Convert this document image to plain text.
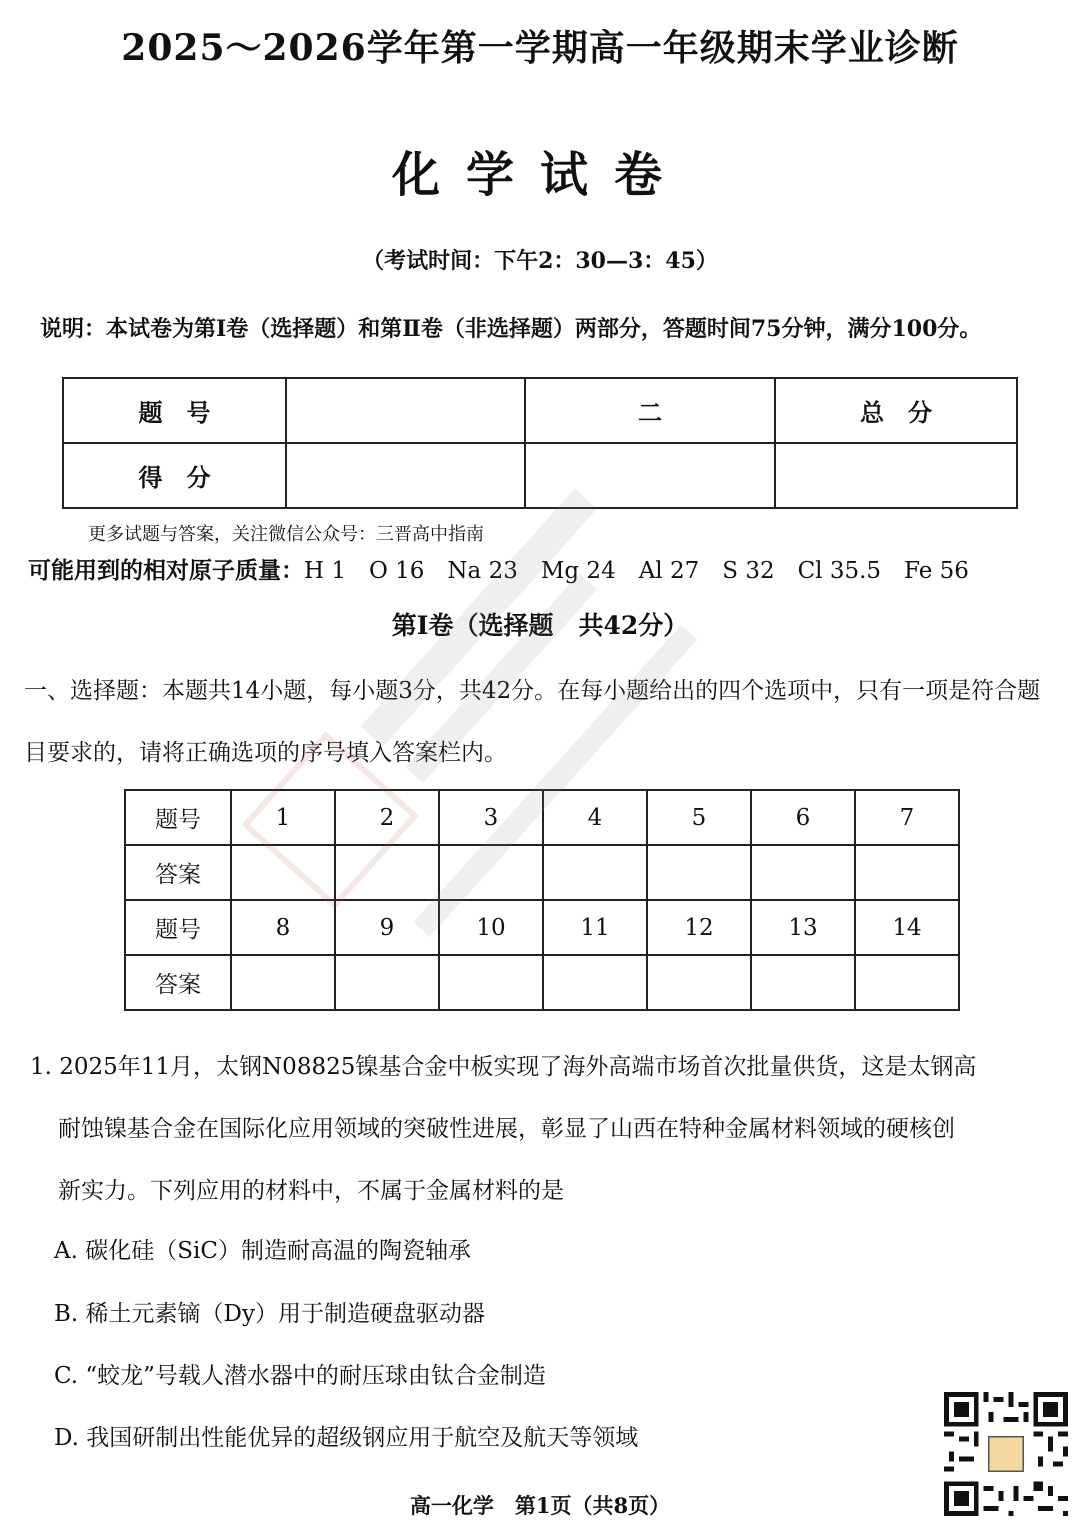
2025～2026学年第一学期高一年级期末学业诊断
化学试卷
（考试时间：下午2：30—3：45）
说明：本试卷为第Ⅰ卷（选择题）和第Ⅱ卷（非选择题）两部分，答题时间75分钟，满分100分。
题　号		二	总　分
得　分			
更多试题与答案，关注微信公众号：三晋高中指南
可能用到的相对原子质量：H 1　O 16　Na 23　Mg 24　Al 27　S 32　Cl 35.5　Fe 56
第Ⅰ卷（选择题　共42分）
一、选择题：本题共14小题，每小题3分，共42分。在每小题给出的四个选项中，只有一项是符合题目要求的，请将正确选项的序号填入答案栏内。
题号	1	2	3	4	5	6	7
答案							
题号	8	9	10	11	12	13	14
答案							
1. 2025年11月，太钢N08825镍基合金中板实现了海外高端市场首次批量供货，这是太钢高
耐蚀镍基合金在国际化应用领域的突破性进展，彰显了山西在特种金属材料领域的硬核创
新实力。下列应用的材料中，不属于金属材料的是
A. 碳化硅（SiC）制造耐高温的陶瓷轴承
B. 稀土元素镝（Dy）用于制造硬盘驱动器
C. “蛟龙”号载人潜水器中的耐压球由钛合金制造
D. 我国研制出性能优异的超级钢应用于航空及航天等领域
高一化学　第1页（共8页）
